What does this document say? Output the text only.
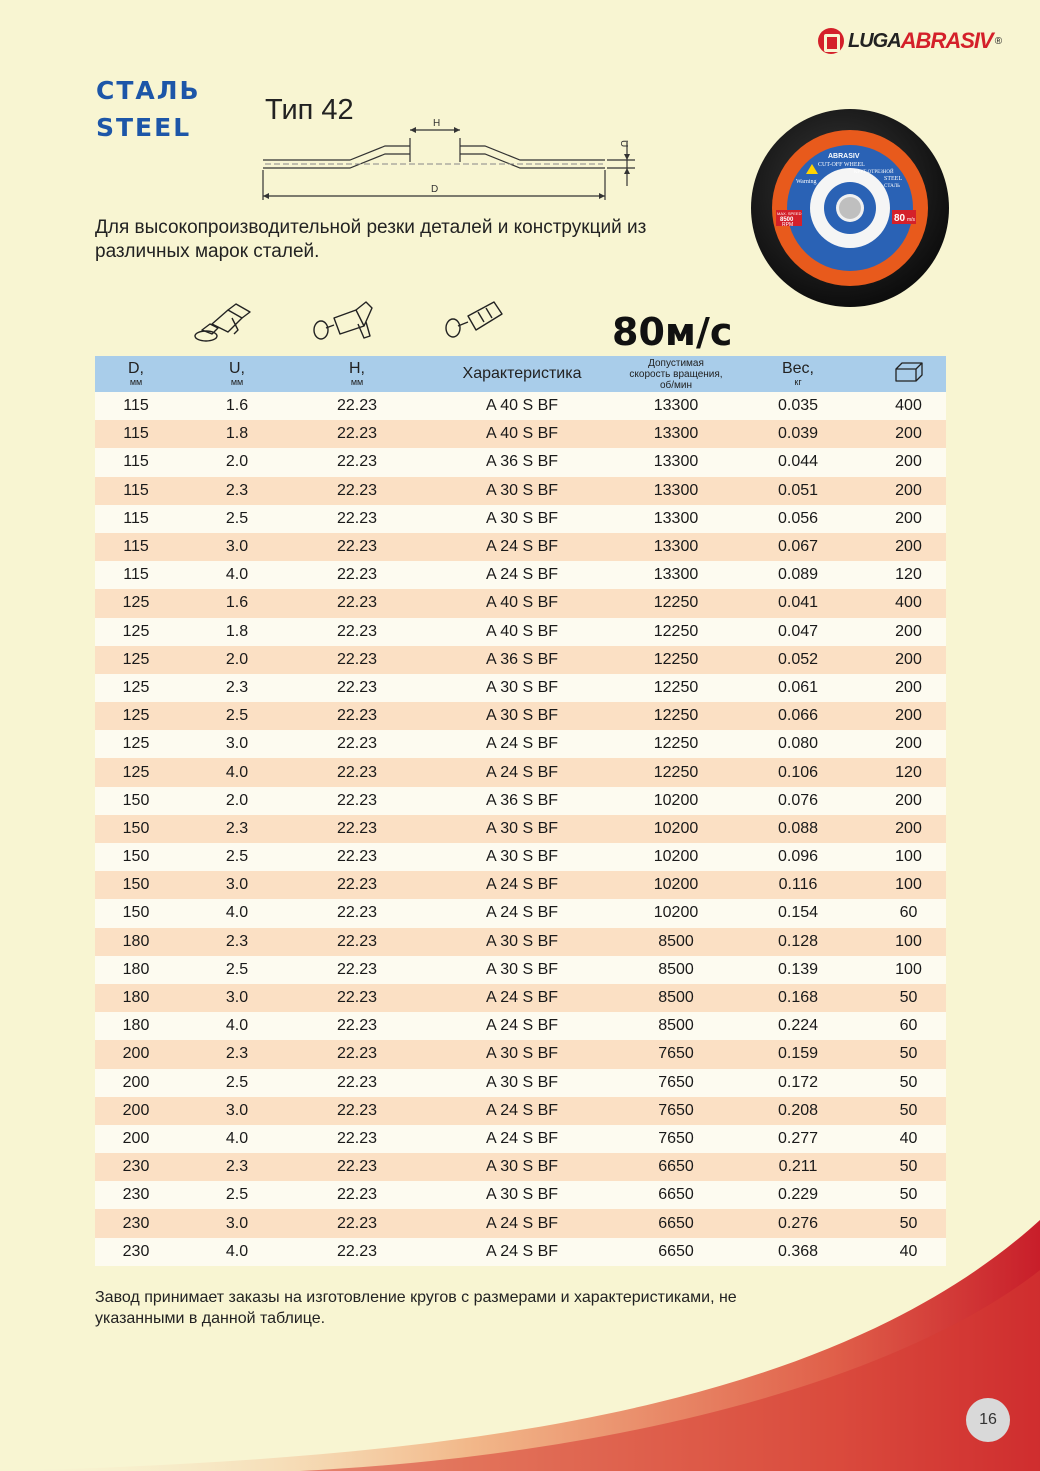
LUGA ABRASIV ®
СТАЛЬ
STEEL
Тип 42	H
U
D
Для высокопроизводительной резки деталей и конструкций из различных марок сталей.
ABRASIV
CUT-OFF WHEEL
КРУГ ОТРЕЗНОЙ
STEEL
СТАЛЬ
Warning
MAX. SPEED
8500
RPM
80 m/s
80м/с
D,
мм	U,
мм	H,
мм	Характеристика	Допустимая
скорость вращения,
об/мин	Вес,
кг

115	1.6	22.23	A 40 S BF	13300	0.035	400
115	1.8	22.23	A 40 S BF	13300	0.039	200
115	2.0	22.23	A 36 S BF	13300	0.044	200
115	2.3	22.23	A 30 S BF	13300	0.051	200
115	2.5	22.23	A 30 S BF	13300	0.056	200
115	3.0	22.23	A 24 S BF	13300	0.067	200
115	4.0	22.23	A 24 S BF	13300	0.089	120
125	1.6	22.23	A 40 S BF	12250	0.041	400
125	1.8	22.23	A 40 S BF	12250	0.047	200
125	2.0	22.23	A 36 S BF	12250	0.052	200
125	2.3	22.23	A 30 S BF	12250	0.061	200
125	2.5	22.23	A 30 S BF	12250	0.066	200
125	3.0	22.23	A 24 S BF	12250	0.080	200
125	4.0	22.23	A 24 S BF	12250	0.106	120
150	2.0	22.23	A 36 S BF	10200	0.076	200
150	2.3	22.23	A 30 S BF	10200	0.088	200
150	2.5	22.23	A 30 S BF	10200	0.096	100
150	3.0	22.23	A 24 S BF	10200	0.116	100
150	4.0	22.23	A 24 S BF	10200	0.154	60
180	2.3	22.23	A 30 S BF	8500	0.128	100
180	2.5	22.23	A 30 S BF	8500	0.139	100
180	3.0	22.23	A 24 S BF	8500	0.168	50
180	4.0	22.23	A 24 S BF	8500	0.224	60
200	2.3	22.23	A 30 S BF	7650	0.159	50
200	2.5	22.23	A 30 S BF	7650	0.172	50
200	3.0	22.23	A 24 S BF	7650	0.208	50
200	4.0	22.23	A 24 S BF	7650	0.277	40
230	2.3	22.23	A 30 S BF	6650	0.211	50
230	2.5	22.23	A 30 S BF	6650	0.229	50
230	3.0	22.23	A 24 S BF	6650	0.276	50
230	4.0	22.23	A 24 S BF	6650	0.368	40
Завод принимает заказы на изготовление кругов с размерами и характеристиками, не указанными в данной таблице.
16
